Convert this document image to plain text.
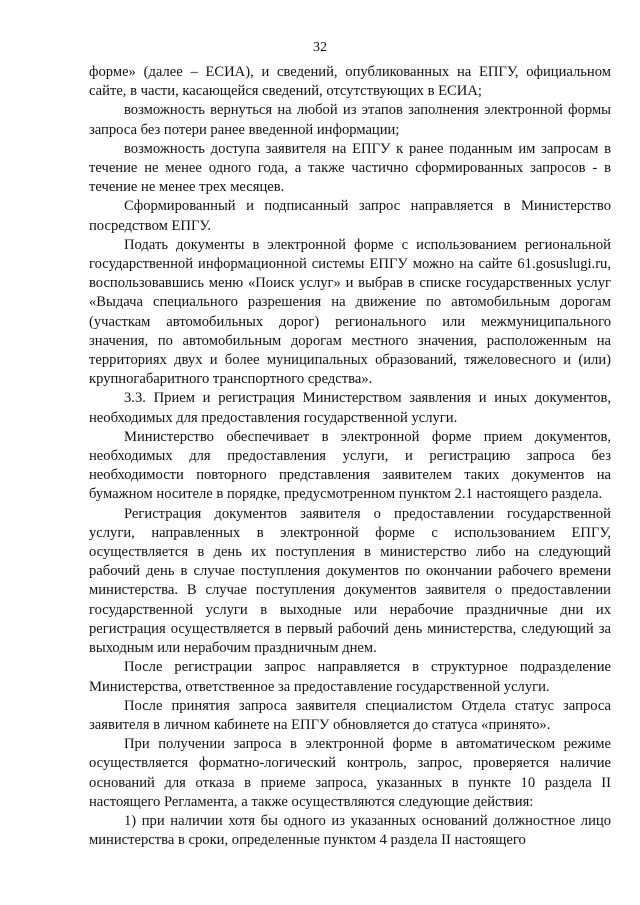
32

форме» (далее – ЕСИА), и сведений, опубликованных на ЕПГУ, официальном сайте, в части, касающейся сведений, отсутствующих в ЕСИА;

возможность вернуться на любой из этапов заполнения электронной формы запроса без потери ранее введенной информации;

возможность доступа заявителя на ЕПГУ к ранее поданным им запросам в течение не менее одного года, а также частично сформированных запросов - в течение не менее трех месяцев.

Сформированный и подписанный запрос направляется в Министерство посредством ЕПГУ.

Подать документы в электронной форме с использованием региональной государственной информационной системы ЕПГУ можно на сайте 61.gosuslugi.ru, воспользовавшись меню «Поиск услуг» и выбрав в списке государственных услуг «Выдача специального разрешения на движение по автомобильным дорогам (участкам автомобильных дорог) регионального или межмуниципального значения, по автомобильным дорогам местного значения, расположенным на территориях двух и более муниципальных образований, тяжеловесного и (или) крупногабаритного транспортного средства».

3.3. Прием и регистрация Министерством заявления и иных документов, необходимых для предоставления государственной услуги.

Министерство обеспечивает в электронной форме прием документов, необходимых для предоставления услуги, и регистрацию запроса без необходимости повторного представления заявителем таких документов на бумажном носителе в порядке, предусмотренном пунктом 2.1 настоящего раздела.

Регистрация документов заявителя о предоставлении государственной услуги, направленных в электронной форме с использованием ЕПГУ, осуществляется в день их поступления в министерство либо на следующий рабочий день в случае поступления документов по окончании рабочего времени министерства. В случае поступления документов заявителя о предоставлении государственной услуги в выходные или нерабочие праздничные дни их регистрация осуществляется в первый рабочий день министерства, следующий за выходным или нерабочим праздничным днем.

После регистрации запрос направляется в структурное подразделение Министерства, ответственное за предоставление государственной услуги.

После принятия запроса заявителя специалистом Отдела статус запроса заявителя в личном кабинете на ЕПГУ обновляется до статуса «принято».

При получении запроса в электронной форме в автоматическом режиме осуществляется форматно-логический контроль, запрос, проверяется наличие оснований для отказа в приеме запроса, указанных в пункте 10 раздела II настоящего Регламента, а также осуществляются следующие действия:

1) при наличии хотя бы одного из указанных оснований должностное лицо министерства в сроки, определенные пунктом 4 раздела II настоящего
